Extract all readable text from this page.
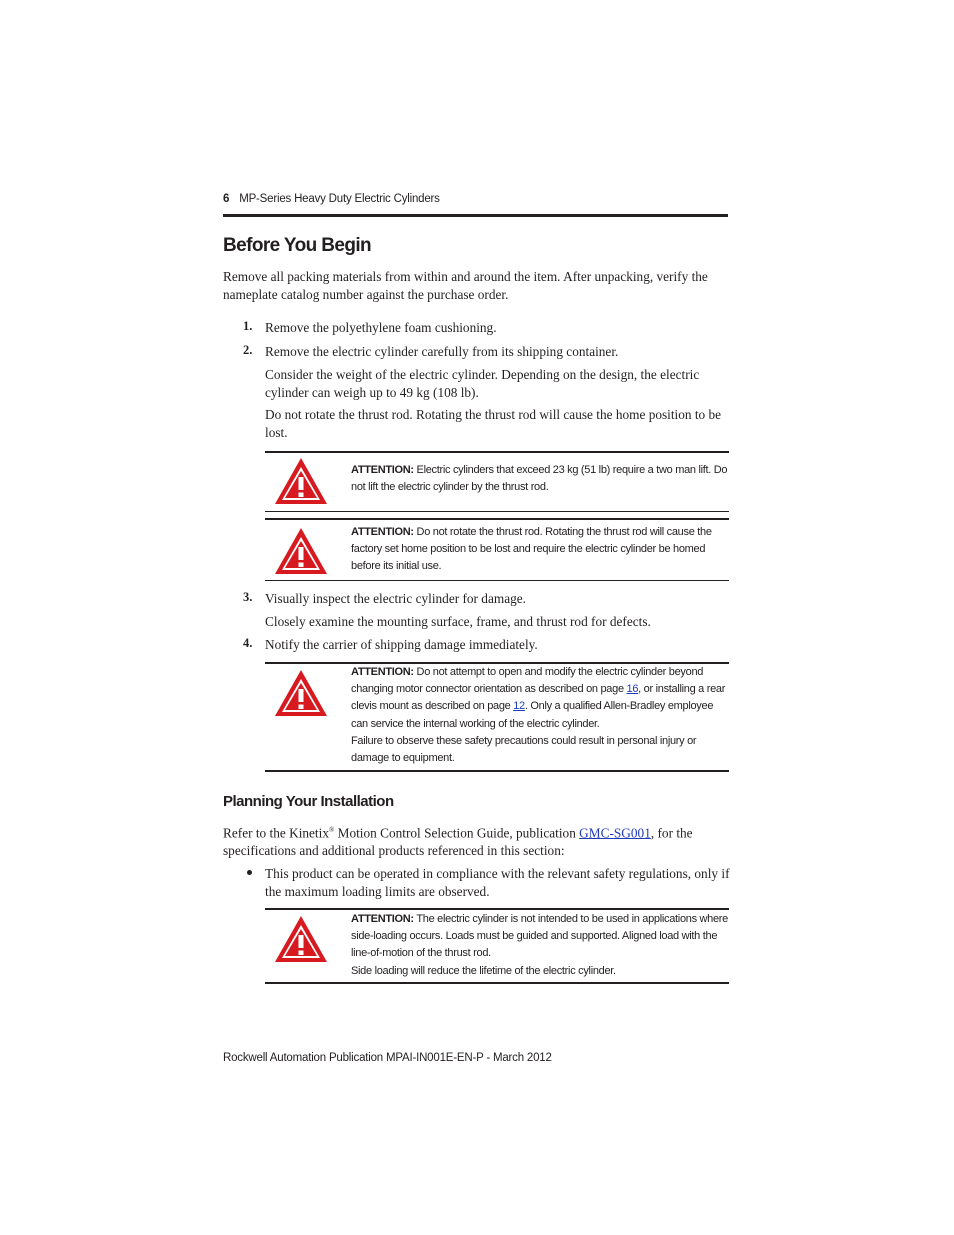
6 MP-Series Heavy Duty Electric Cylinders
Before You Begin
Remove all packing materials from within and around the item. After unpacking, verify the nameplate catalog number against the purchase order.
1. Remove the polyethylene foam cushioning.
2. Remove the electric cylinder carefully from its shipping container.
Consider the weight of the electric cylinder. Depending on the design, the electric cylinder can weigh up to 49 kg (108 lb).
Do not rotate the thrust rod. Rotating the thrust rod will cause the home position to be lost.
ATTENTION: Electric cylinders that exceed 23 kg (51 lb) require a two man lift. Do not lift the electric cylinder by the thrust rod.
ATTENTION: Do not rotate the thrust rod. Rotating the thrust rod will cause the factory set home position to be lost and require the electric cylinder be homed before its initial use.
3. Visually inspect the electric cylinder for damage.
Closely examine the mounting surface, frame, and thrust rod for defects.
4. Notify the carrier of shipping damage immediately.
ATTENTION: Do not attempt to open and modify the electric cylinder beyond changing motor connector orientation as described on page 16, or installing a rear clevis mount as described on page 12. Only a qualified Allen-Bradley employee can service the internal working of the electric cylinder.
Failure to observe these safety precautions could result in personal injury or damage to equipment.
Planning Your Installation
Refer to the Kinetix® Motion Control Selection Guide, publication GMC-SG001, for the specifications and additional products referenced in this section:
This product can be operated in compliance with the relevant safety regulations, only if the maximum loading limits are observed.
ATTENTION: The electric cylinder is not intended to be used in applications where side-loading occurs. Loads must be guided and supported. Aligned load with the line-of-motion of the thrust rod.
Side loading will reduce the lifetime of the electric cylinder.
Rockwell Automation Publication MPAI-IN001E-EN-P - March 2012
